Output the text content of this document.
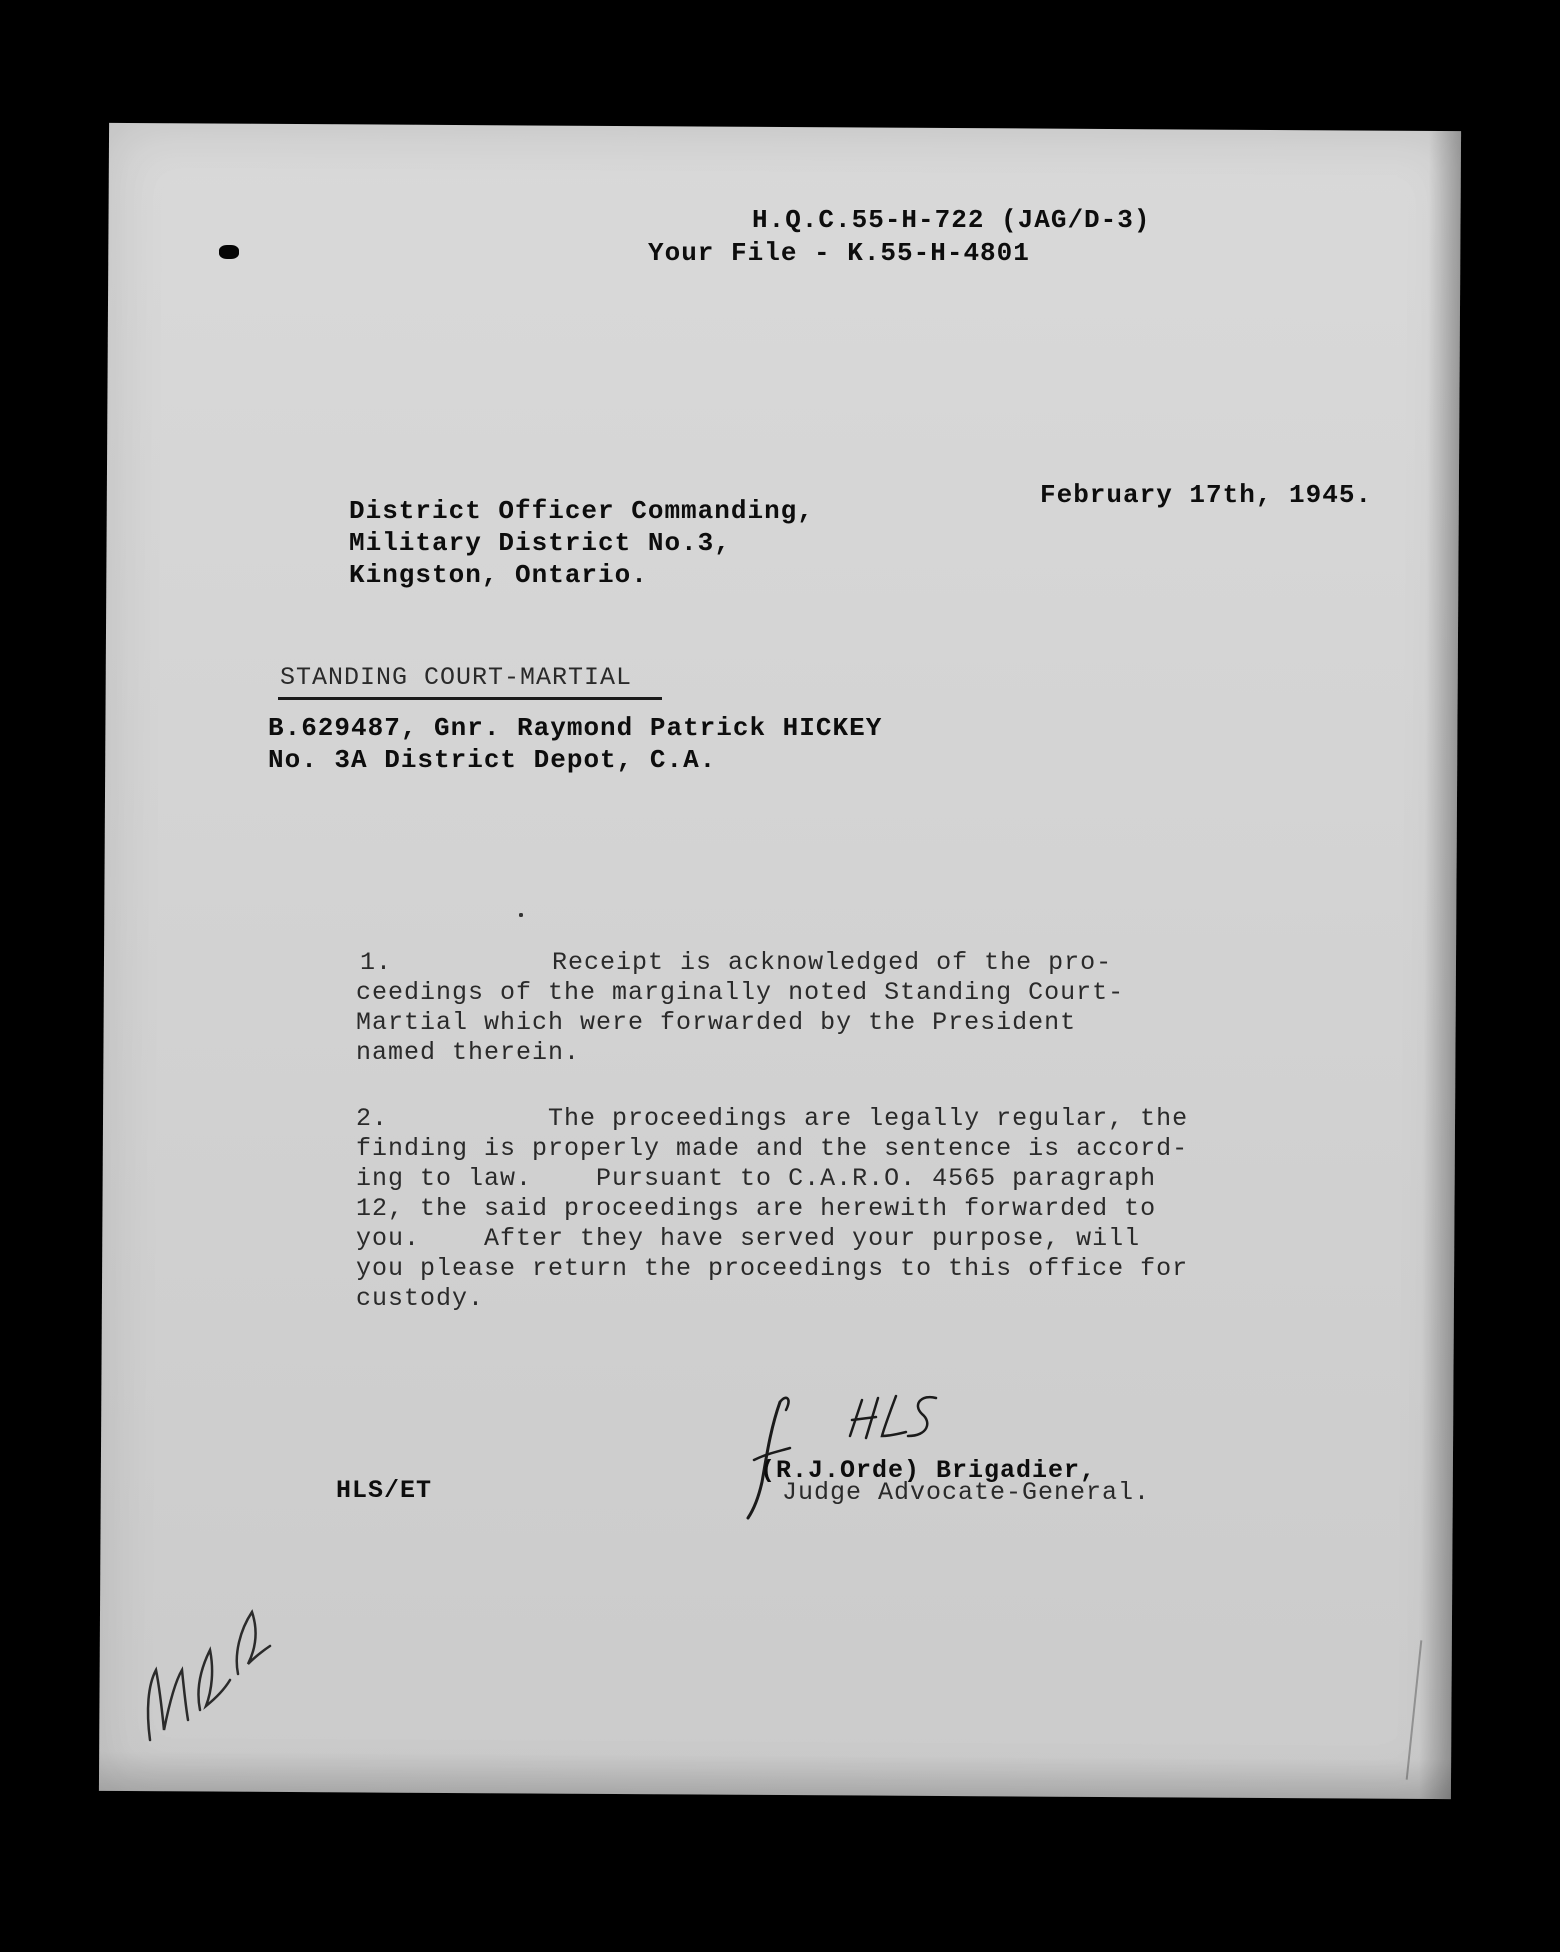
H.Q.C.55-H-722 (JAG/D-3)

Your File - K.55-H-4801

February 17th, 1945.

District Officer Commanding,

Military District No.3,

Kingston, Ontario.

STANDING COURT-MARTIAL

B.629487, Gnr. Raymond Patrick HICKEY

No. 3A District Depot, C.A.

1.          Receipt is acknowledged of the pro-

ceedings of the marginally noted Standing Court-

Martial which were forwarded by the President

named therein.

2.          The proceedings are legally regular, the

finding is properly made and the sentence is accord-

ing to law.    Pursuant to C.A.R.O. 4565 paragraph

12, the said proceedings are herewith forwarded to

you.    After they have served your purpose, will

you please return the proceedings to this office for

custody.

(R.J.Orde) Brigadier,

Judge Advocate-General.

HLS/ET
